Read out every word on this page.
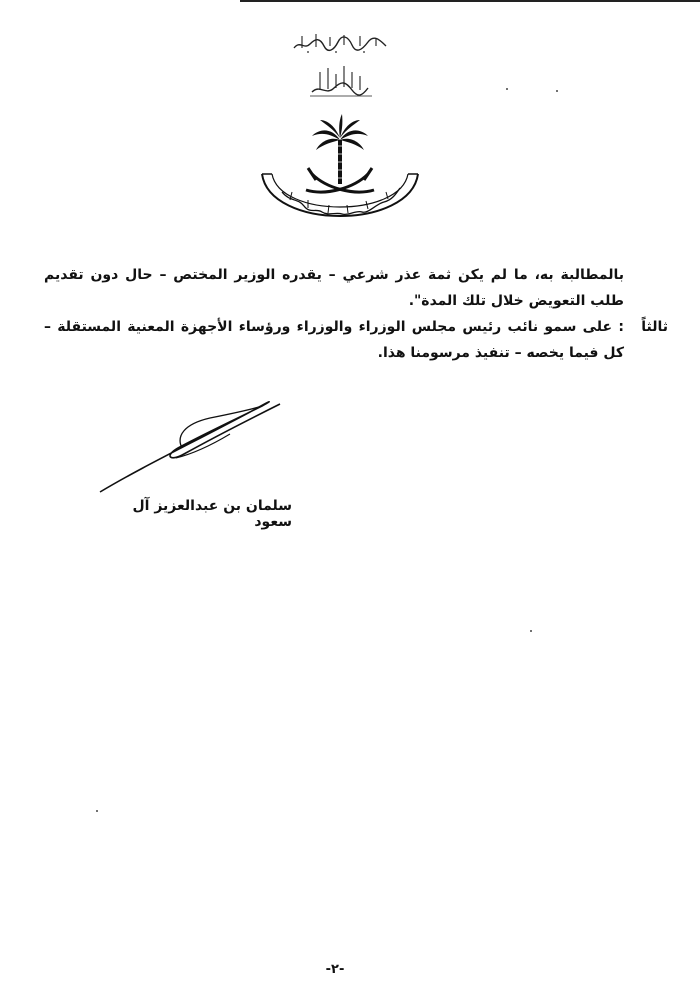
بالمطالبة به، ما لم يكن ثمة عذر شرعي – يقدره الوزير المختص – حال دون تقديم طلب التعويض خلال تلك المدة".
ثالثاً
: على سمو نائب رئيس مجلس الوزراء والوزراء ورؤساء الأجهزة المعنية المستقلة – كل فيما يخصه – تنفيذ مرسومنا هذا.
سلمان بن عبدالعزيز آل سعود
-٢-
